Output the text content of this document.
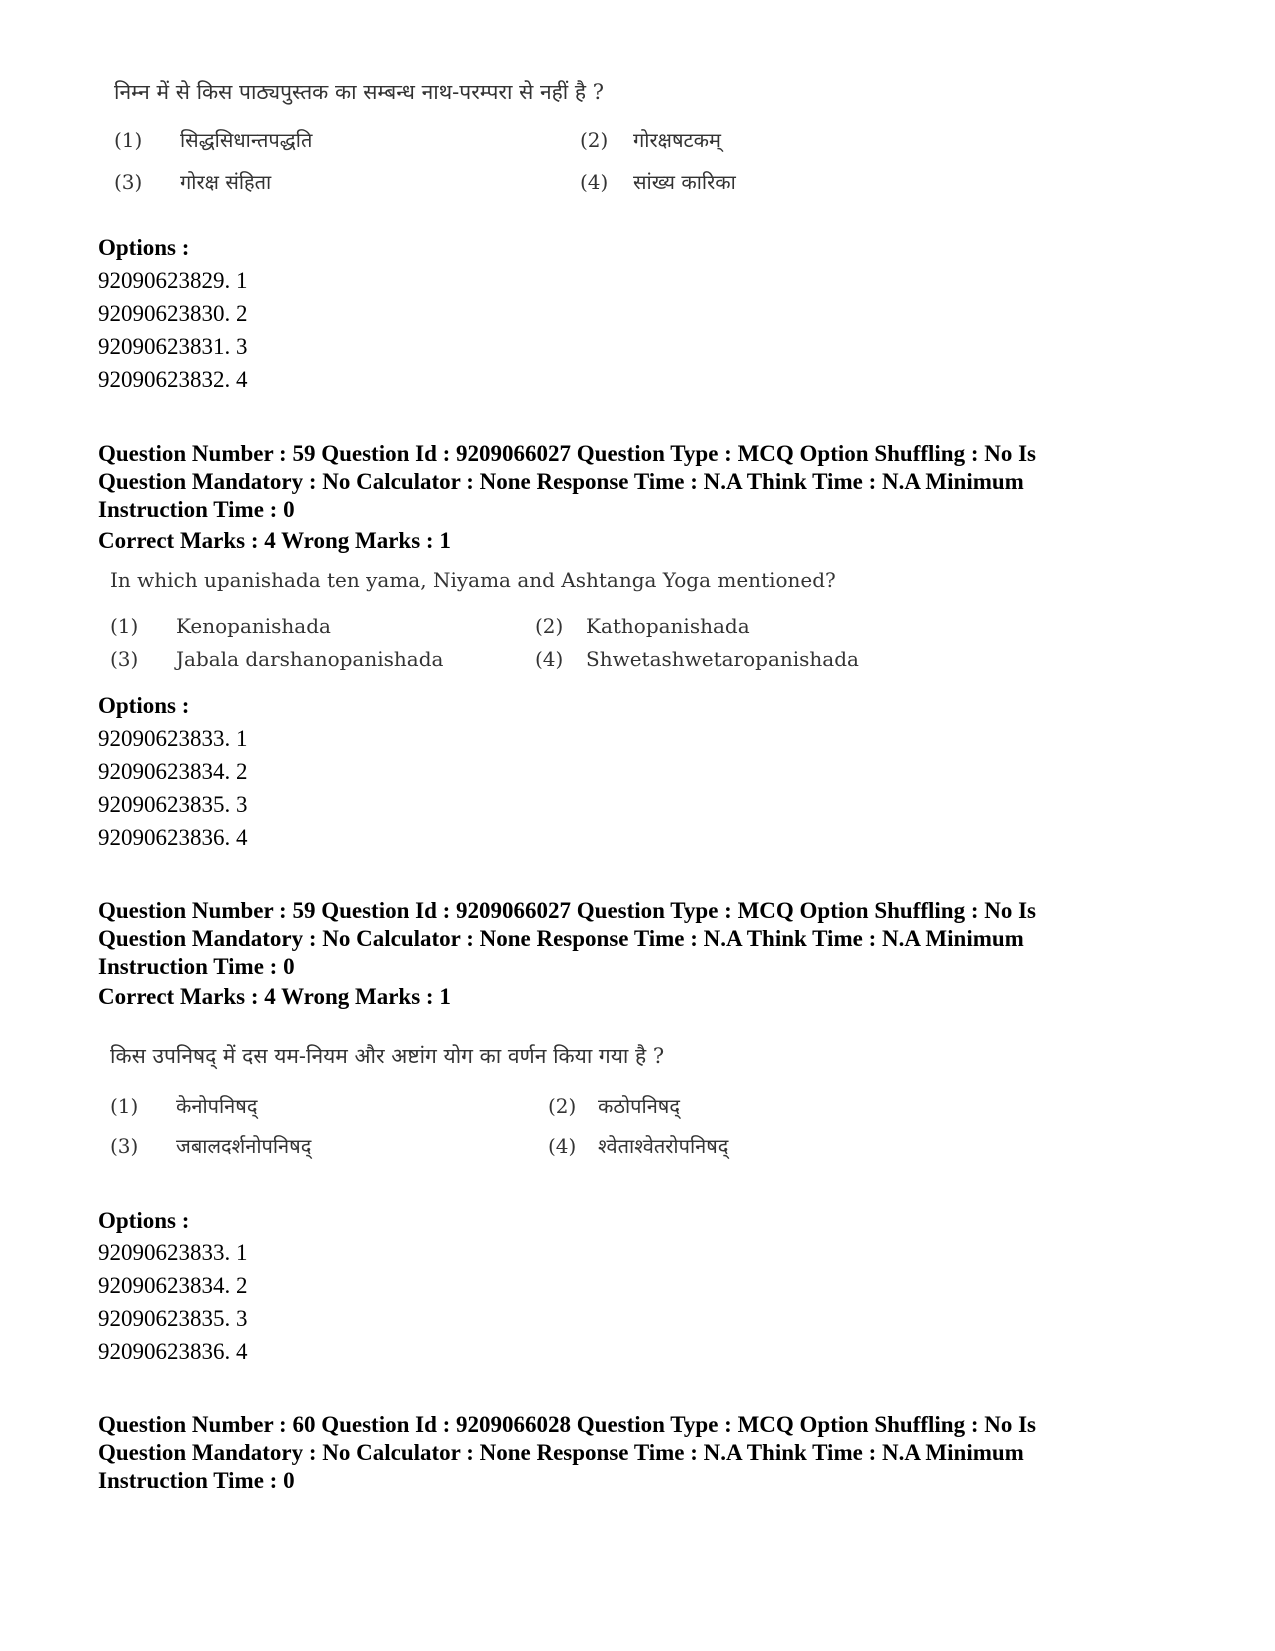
निम्न में से किस पाठ्यपुस्तक का सम्बन्ध नाथ-परम्परा से नहीं है ?
(1) सिद्धसिधान्तपद्धति	(2) गोरक्षषटकम्
(3) गोरक्ष संहिता	(4) सांख्य कारिका
Options :
92090623829. 1
92090623830. 2
92090623831. 3
92090623832. 4
Question Number : 59 Question Id : 9209066027 Question Type : MCQ Option Shuffling : No Is
Question Mandatory : No Calculator : None Response Time : N.A Think Time : N.A Minimum
Instruction Time : 0
Correct Marks : 4 Wrong Marks : 1
In which upanishada ten yama, Niyama and Ashtanga Yoga mentioned?
(1) Kenopanishada	(2) Kathopanishada
(3) Jabala darshanopanishada	(4) Shwetashwetaropanishada
Options :
92090623833. 1
92090623834. 2
92090623835. 3
92090623836. 4
Question Number : 59 Question Id : 9209066027 Question Type : MCQ Option Shuffling : No Is
Question Mandatory : No Calculator : None Response Time : N.A Think Time : N.A Minimum
Instruction Time : 0
Correct Marks : 4 Wrong Marks : 1
किस उपनिषद् में दस यम-नियम और अष्टांग योग का वर्णन किया गया है ?
(1) केनोपनिषद्	(2) कठोपनिषद्
(3) जबालदर्शनोपनिषद्	(4) श्वेताश्वेतरोपनिषद्
Options :
92090623833. 1
92090623834. 2
92090623835. 3
92090623836. 4
Question Number : 60 Question Id : 9209066028 Question Type : MCQ Option Shuffling : No Is
Question Mandatory : No Calculator : None Response Time : N.A Think Time : N.A Minimum
Instruction Time : 0
